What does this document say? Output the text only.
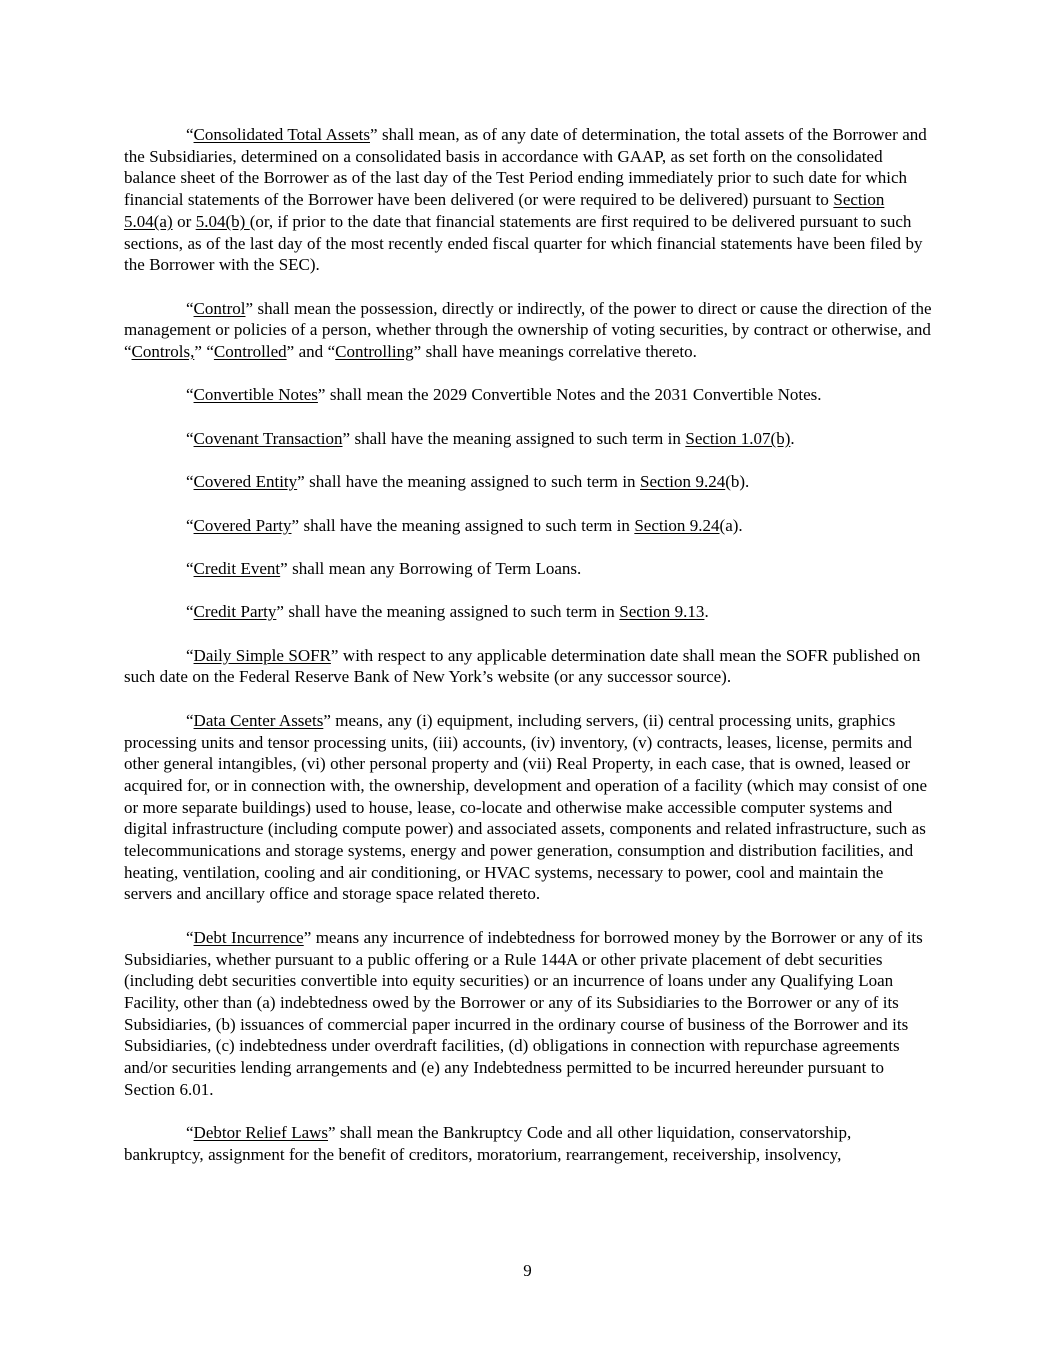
“Consolidated Total Assets” shall mean, as of any date of determination, the total assets of the Borrower and the Subsidiaries, determined on a consolidated basis in accordance with GAAP, as set forth on the consolidated balance sheet of the Borrower as of the last day of the Test Period ending immediately prior to such date for which financial statements of the Borrower have been delivered (or were required to be delivered) pursuant to Section 5.04(a) or 5.04(b) (or, if prior to the date that financial statements are first required to be delivered pursuant to such sections, as of the last day of the most recently ended fiscal quarter for which financial statements have been filed by the Borrower with the SEC).

“Control” shall mean the possession, directly or indirectly, of the power to direct or cause the direction of the management or policies of a person, whether through the ownership of voting securities, by contract or otherwise, and “Controls,” “Controlled” and “Controlling” shall have meanings correlative thereto.

“Convertible Notes” shall mean the 2029 Convertible Notes and the 2031 Convertible Notes.

“Covenant Transaction” shall have the meaning assigned to such term in Section 1.07(b).

“Covered Entity” shall have the meaning assigned to such term in Section 9.24(b).

“Covered Party” shall have the meaning assigned to such term in Section 9.24(a).

“Credit Event” shall mean any Borrowing of Term Loans.

“Credit Party” shall have the meaning assigned to such term in Section 9.13.

“Daily Simple SOFR” with respect to any applicable determination date shall mean the SOFR published on such date on the Federal Reserve Bank of New York’s website (or any successor source).

“Data Center Assets” means, any (i) equipment, including servers, (ii) central processing units, graphics processing units and tensor processing units, (iii) accounts, (iv) inventory, (v) contracts, leases, license, permits and other general intangibles, (vi) other personal property and (vii) Real Property, in each case, that is owned, leased or acquired for, or in connection with, the ownership, development and operation of a facility (which may consist of one or more separate buildings) used to house, lease, co-locate and otherwise make accessible computer systems and digital infrastructure (including compute power) and associated assets, components and related infrastructure, such as telecommunications and storage systems, energy and power generation, consumption and distribution facilities, and heating, ventilation, cooling and air conditioning, or HVAC systems, necessary to power, cool and maintain the servers and ancillary office and storage space related thereto.

“Debt Incurrence” means any incurrence of indebtedness for borrowed money by the Borrower or any of its Subsidiaries, whether pursuant to a public offering or a Rule 144A or other private placement of debt securities (including debt securities convertible into equity securities) or an incurrence of loans under any Qualifying Loan Facility, other than (a) indebtedness owed by the Borrower or any of its Subsidiaries to the Borrower or any of its Subsidiaries, (b) issuances of commercial paper incurred in the ordinary course of business of the Borrower and its Subsidiaries, (c) indebtedness under overdraft facilities, (d) obligations in connection with repurchase agreements and/or securities lending arrangements and (e) any Indebtedness permitted to be incurred hereunder pursuant to Section 6.01.

“Debtor Relief Laws” shall mean the Bankruptcy Code and all other liquidation, conservatorship, bankruptcy, assignment for the benefit of creditors, moratorium, rearrangement, receivership, insolvency,

9
